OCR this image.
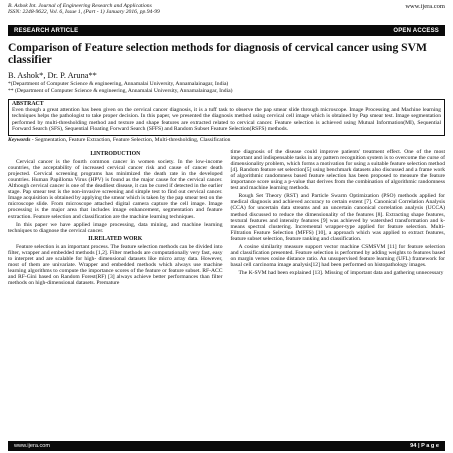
B. Ashok Int. Journal of Engineering Research and Applications
ISSN: 2248-9622, Vol. 6, Issue 1, (Part - 1) January 2016, pp.94-99
www.ijera.com
RESEARCH ARTICLE	OPEN ACCESS
Comparison of Feature selection methods for diagnosis of cervical cancer using SVM classifier
B. Ashok*, Dr. P. Aruna**
*(Department of Computer Science & engineering, Annamalai University, Annamalainagar, India)
** (Department of Computer Science & engineering, Annamalai University, Annamalainagar, India)
ABSTRACT
Even though a great attention has been given on the cervical cancer diagnosis, it is a tuff task to observe the pap smear slide through microscope. Image Processing and Machine learning techniques helps the pathologist to take proper decision. In this paper, we presented the diagnosis method using cervical cell image which is obtained by Pap smear test. Image segmentation performed by multi-thresholding method and texture and shape features are extracted related to cervical cancer. Feature selection is achieved using Mutual Information(MI), Sequential Forward Search (SFS), Sequential Floating Forward Search (SFFS) and Random Subset Feature Selection(RSFS) methods.
Keywords - Segmentation, Feature Extraction, Feature Selection, Multi-thresholding, Classification
I.INTRODUCTION

Cervical cancer is the fourth common cancer in women society. In the low-income countries, the acceptability of increased cervical cancer risk and cause of cancer death projected. Cervical screening programs has minimized the death rate in the developed countries. Human Papilloma Virus (HPV) is found as the major cause for the cervical cancer. Although cervical cancer is one of the deadliest disease, it can be cured if detected in the earlier stage. Pap smear test is the non-invasive screening and simple test to find out cervical cancer. Image acquisition is obtained by applying the smear which is taken by the pap smear test on the microscope slide. From microscope attached digital camera capture the cell image. Image processing is the major area that includes image enhancement, segmentation and feature extraction. Feature selection and classification are the machine learning techniques.

In this paper we have applied image processing, data mining, and machine learning techniques to diagnose the cervical cancer.

II.RELATED WORK

Feature selection is an important process. The feature selection methods can be divided into filter, wrapper and embedded methods [1,2]. Filter methods are computationally very fast, easy to interpret and are scalable for high- dimensional datasets like micro array data. However, most of them are univariate. Wrapper and embedded methods which always use machine learning algorithms to compute the importance scores of the feature or feature subset. RF-ACC and RF-Gini based on Random Forest(RF) [3] always achieve better performances than filter methods on high-dimensional datasets. Premature

time diagnosis of the disease could improve patients' treatment effect. One of the most important and indispensable tasks in any pattern recognition system is to overcome the curse of dimensionality problem, which forms a motivation for using a suitable feature selection method [4]. Random feature set selection[5] using benchmark datasets also discussed and a frame work of algorithmic randomness based feature selection has been proposed to measure the feature importance score using a p-value that derives from the combination of algorithmic randomness test and machine learning methods.

Rough Set Theory (RST) and Particle Swarm Optimization (PSO) methods applied for medical diagnosis and achieved accuracy to certain extent [7]. Canonical Correlation Analysis (CCA) for uncertain data streams and an uncertain canonical correlation analysis (UCCA) method discussed to reduce the dimensionality of the features [8]. Extracting shape features, textural features and intensity features [9] was achieved by watershed transformation and k-means spectral clustering. Incremental wrapper-type applied for feature selection. Multi-Filtration Feature Selection (MFFS) [10], a approach which was applied to extract features, feature subset selection, feature ranking and classification.

A cosine similarity measure support vector machine CSMSVM [11] for feature selection and classification presented. Feature selection is performed by adding weights to features based on margin verses cosine distance ratio. An unsupervised feature learning (UFL) framework for basal cell carcinoma image analysis[12] had been performed on histopathology images.

The K-SVM had been explained [13]. Missing of important data and gathering unnecessary

www.ijera.com	94 | P a g e
